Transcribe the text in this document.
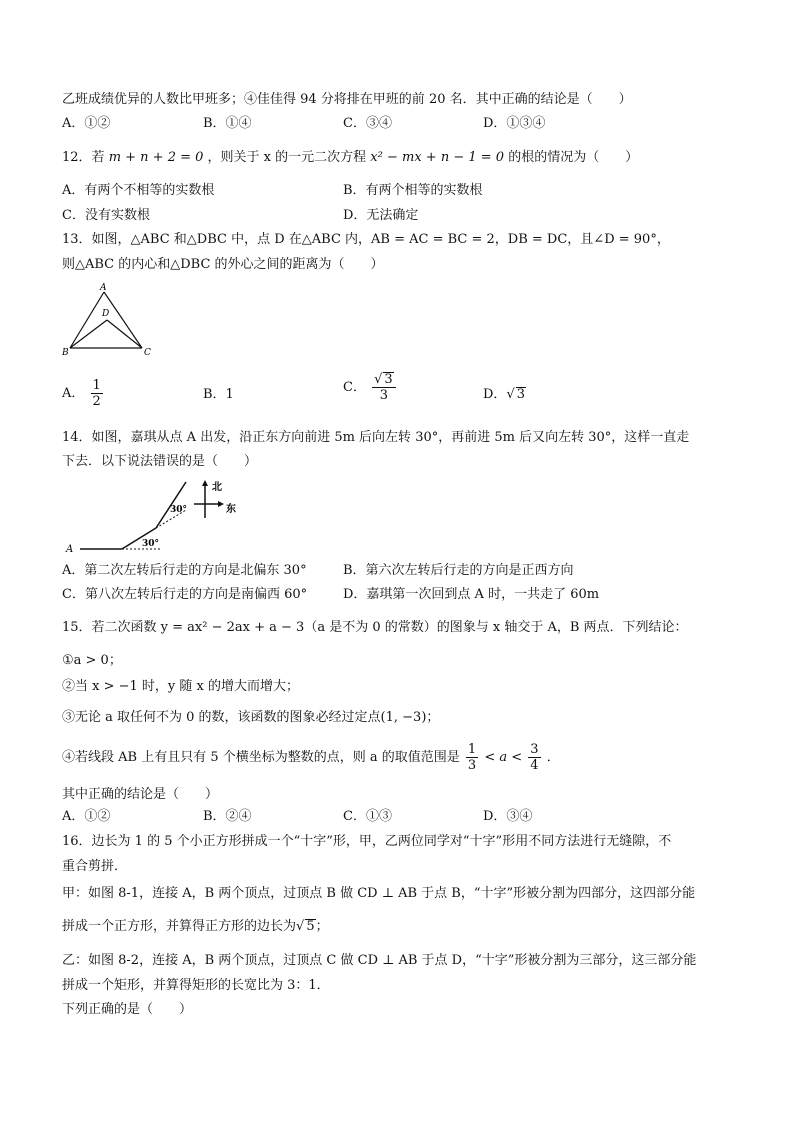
乙班成绩优异的人数比甲班多；④佳佳得 94 分将排在甲班的前 20 名．其中正确的结论是（　　）
A．①②	B．①④	C．③④	D．①③④
12．若 m + n + 2 = 0 ，则关于 x 的一元二次方程 x² − mx + n − 1 = 0 的根的情况为（　　）
A．有两个不相等的实数根	B．有两个相等的实数根
C．没有实数根	D．无法确定
13．如图，△ABC 和△DBC 中，点 D 在△ABC 内，AB = AC = BC = 2，DB = DC，且∠D = 90°，
则△ABC 的内心和△DBC 的外心之间的距离为（　　）
A
D
B	C
A． $\frac{1}{2}$	B．1	C． $\frac{√ 3}{3}$	D．√ 3
14．如图，嘉琪从点 A 出发，沿正东方向前进 5m 后向左转 30°，再前进 5m 后又向左转 30°，这样一直走
下去．以下说法错误的是（　　）
A	30°
30°
北
东
A．第二次左转后行走的方向是北偏东 30°	B．第六次左转后行走的方向是正西方向
C．第八次左转后行走的方向是南偏西 60°	D．嘉琪第一次回到点 A 时，一共走了 60m
15．若二次函数 y = ax² − 2ax + a − 3（a 是不为 0 的常数）的图象与 x 轴交于 A，B 两点．下列结论：
①a > 0；
②当 x > −1 时，y 随 x 的增大而增大；
③无论 a 取任何不为 0 的数，该函数的图象必经过定点(1, −3)；
④若线段 AB 上有且只有 5 个横坐标为整数的点，则 a 的取值范围是 $\frac{1}{3} < a < \frac{3}{4}$ ．
其中正确的结论是（　　）
A．①②	B．②④	C．①③	D．③④
16．边长为 1 的 5 个小正方形拼成一个“十字”形，甲，乙两位同学对“十字”形用不同方法进行无缝隙，不
重合剪拼．
甲：如图 8-1，连接 A，B 两个顶点，过顶点 B 做 CD ⊥ AB 于点 B，“十字”形被分割为四部分，这四部分能
拼成一个正方形，并算得正方形的边长为√ 5；
乙：如图 8-2，连接 A，B 两个顶点，过顶点 C 做 CD ⊥ AB 于点 D，“十字”形被分割为三部分，这三部分能
拼成一个矩形，并算得矩形的长宽比为 3：1．
下列正确的是（　　）
